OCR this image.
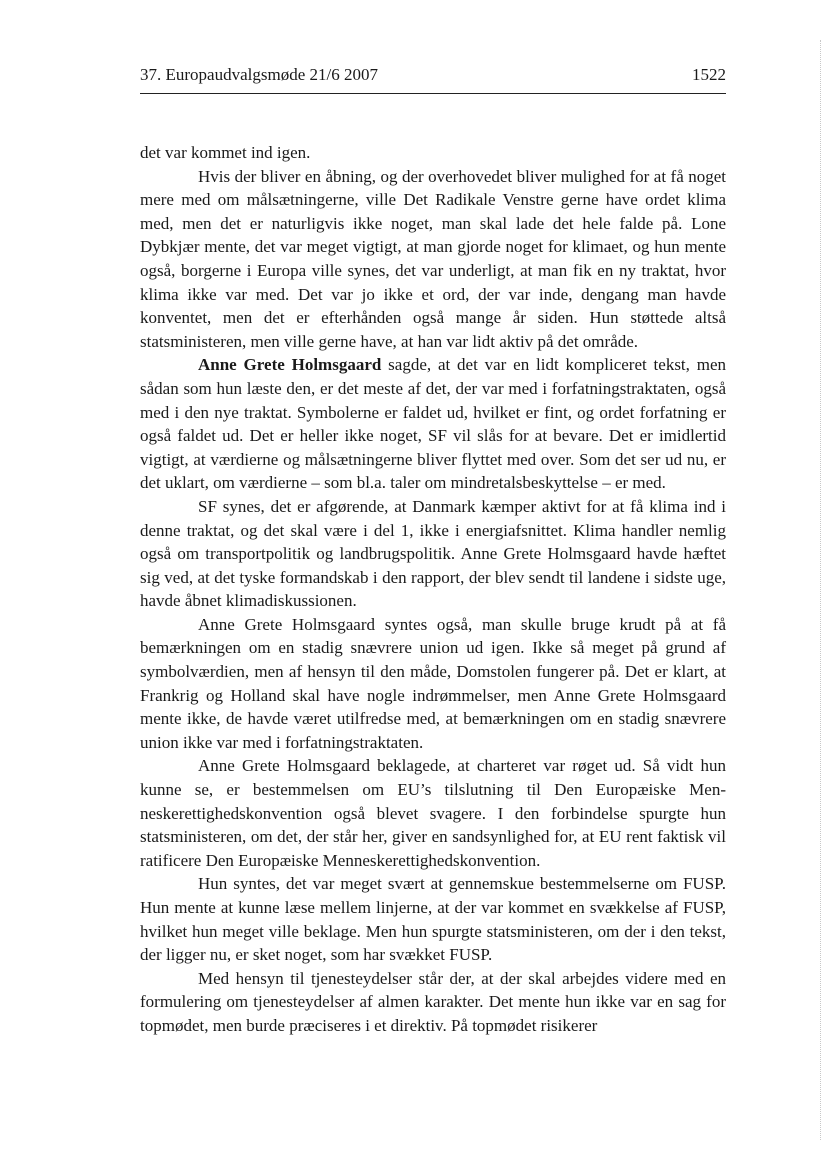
37. Europaudvalgsmøde 21/6 2007	1522

det var kommet ind igen.

Hvis der bliver en åbning, og der overhovedet bliver mulighed for at få noget mere med om målsætningerne, ville Det Radikale Venstre gerne have ordet klima med, men det er naturligvis ikke noget, man skal lade det hele falde på. Lone Dybkjær mente, det var meget vigtigt, at man gjorde noget for klimaet, og hun mente også, borgerne i Europa ville synes, det var underligt, at man fik en ny traktat, hvor klima ikke var med. Det var jo ikke et ord, der var inde, dengang man havde konventet, men det er efterhånden også mange år siden. Hun støttede altså statsministeren, men ville gerne have, at han var lidt aktiv på det område.

Anne Grete Holmsgaard sagde, at det var en lidt kompliceret tekst, men sådan som hun læste den, er det meste af det, der var med i forfatningstraktaten, også med i den nye traktat. Symbolerne er faldet ud, hvilket er fint, og ordet forfatning er også faldet ud. Det er heller ikke noget, SF vil slås for at bevare. Det er imidlertid vigtigt, at værdierne og målsætningerne bliver flyttet med over. Som det ser ud nu, er det uklart, om værdierne – som bl.a. taler om mindretalsbeskyttelse – er med.

SF synes, det er afgørende, at Danmark kæmper aktivt for at få klima ind i denne traktat, og det skal være i del 1, ikke i energiafsnittet. Klima handler nemlig også om transportpolitik og landbrugspolitik. Anne Grete Holmsgaard havde hæftet sig ved, at det tyske formandskab i den rapport, der blev sendt til landene i sidste uge, havde åbnet klimadiskussionen.

Anne Grete Holmsgaard syntes også, man skulle bruge krudt på at få bemærkningen om en stadig snævrere union ud igen. Ikke så meget på grund af symbolværdien, men af hensyn til den måde, Domstolen fungerer på. Det er klart, at Frankrig og Holland skal have nogle indrømmelser, men Anne Grete Holmsgaard mente ikke, de havde været utilfredse med, at bemærkningen om en stadig snævrere union ikke var med i forfatningstraktaten.

Anne Grete Holmsgaard beklagede, at charteret var røget ud. Så vidt hun kunne se, er bestemmelsen om EU’s tilslutning til Den Europæiske Menneskerettighedskonvention også blevet svagere. I den forbindelse spurgte hun statsministeren, om det, der står her, giver en sandsynlighed for, at EU rent faktisk vil ratificere Den Europæiske Menneskerettighedskonvention.

Hun syntes, det var meget svært at gennemskue bestemmelserne om FUSP. Hun mente at kunne læse mellem linjerne, at der var kommet en svækkelse af FUSP, hvilket hun meget ville beklage. Men hun spurgte statsministeren, om der i den tekst, der ligger nu, er sket noget, som har svækket FUSP.

Med hensyn til tjenesteydelser står der, at der skal arbejdes videre med en formulering om tjenesteydelser af almen karakter. Det mente hun ikke var en sag for topmødet, men burde præciseres i et direktiv. På topmødet risikerer
